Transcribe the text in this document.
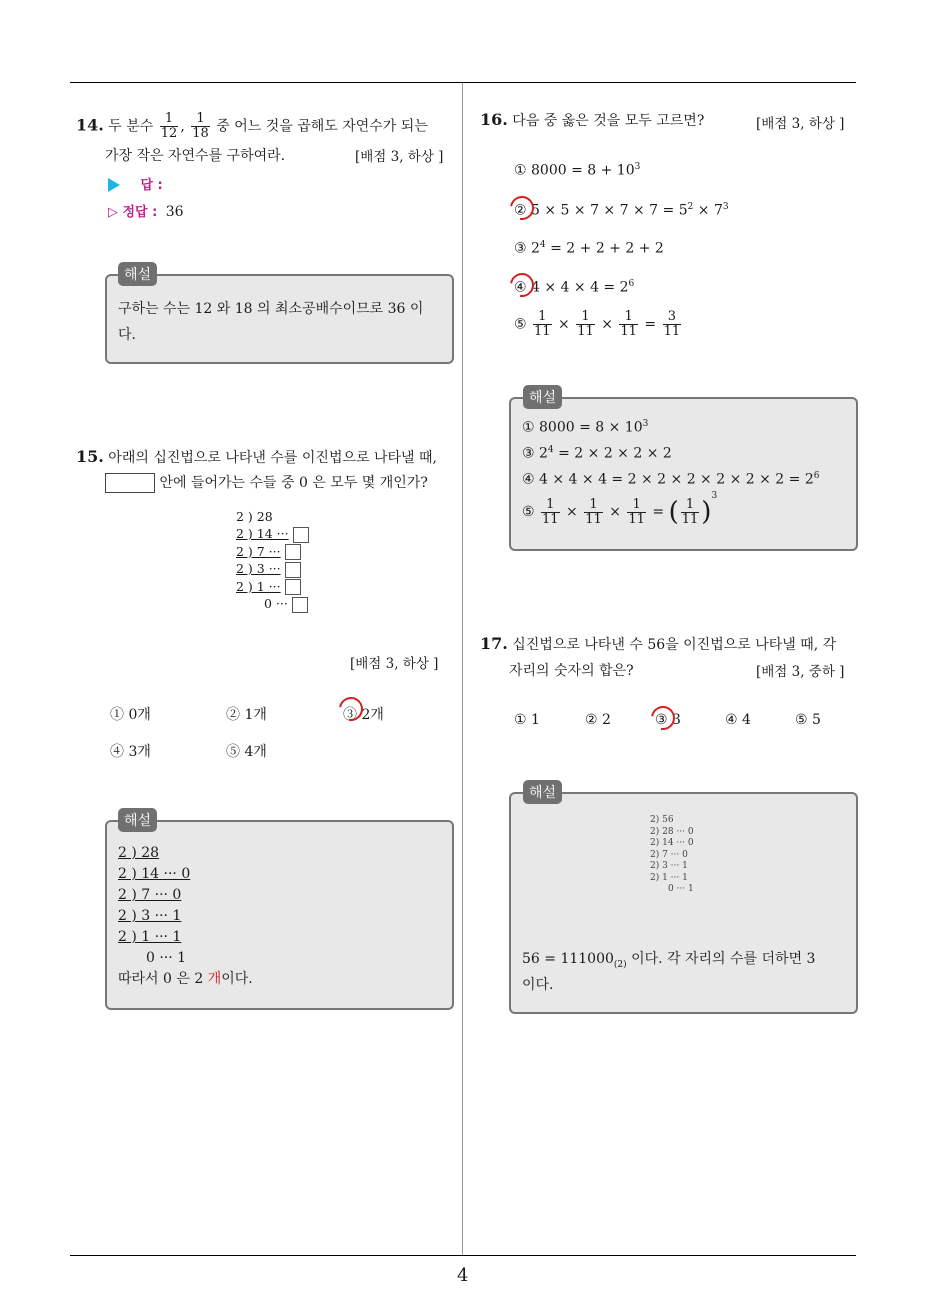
4
14. 두 분수 $\frac{1}{12}$ , $\frac{1}{18}$ 중 어느 것을 곱해도 자연수가 되는
가장 작은 자연수를 구하여라.	[배점 3, 하상 ]
답 :
▷ 정답 : 36
해설
구하는 수는 12 와 18 의 최소공배수이므로 36 이
다.
15. 아래의 십진법으로 나타낸 수를 이진법으로 나타낼 때,
안에 들어가는 수들 중 0 은 모두 몇 개인가?
2 ) 28
2 ) 14 ···
2 ) 7 ···
2 ) 3 ···
2 ) 1 ···
0 ···
[배점 3, 하상 ]
① 0개	② 1개	③ 2개
④ 3개	⑤ 4개
해설
2 ) 28
2 ) 14 ··· 0
2 ) 7 ··· 0
2 ) 3 ··· 1
2 ) 1 ··· 1
0 ··· 1
따라서 0 은 2 개이다.
16. 다음 중 옳은 것을 모두 고르면?	[배점 3, 하상 ]
① $8000 = 8 + 10^3$
② $5 \times 5 \times 7 \times 7 \times 7 = 5^2 \times 7^3$
③ $2^4 = 2 + 2 + 2 + 2$
④ $4 \times 4 \times 4 = 2^6$
⑤ $\frac{1}{11} \times \frac{1}{11} \times \frac{1}{11} = \frac{3}{11}$
해설
① $8000 = 8 \times 10^3$
③ $2^4 = 2 \times 2 \times 2 \times 2$
④ $4 \times 4 \times 4 = 2 \times 2 \times 2 \times 2 \times 2 \times 2 = 2^6$
⑤ $\frac{1}{11} \times \frac{1}{11} \times \frac{1}{11}$ = ( $\frac{1}{11} )^3$
17. 십진법으로 나타낸 수 56을 이진법으로 나타낼 때, 각
자리의 숫자의 합은?	[배점 3, 중하 ]
① 1	② 2	③ 3	④ 4	⑤ 5
해설
2) 56
2) 28 ··· 0
2) 14 ··· 0
2) 7 ··· 0
2) 3 ··· 1
2) 1 ··· 1
0 ··· 1
$56 = 111000_{(2)}$ 이다. 각 자리의 수를 더하면 3
이다.
